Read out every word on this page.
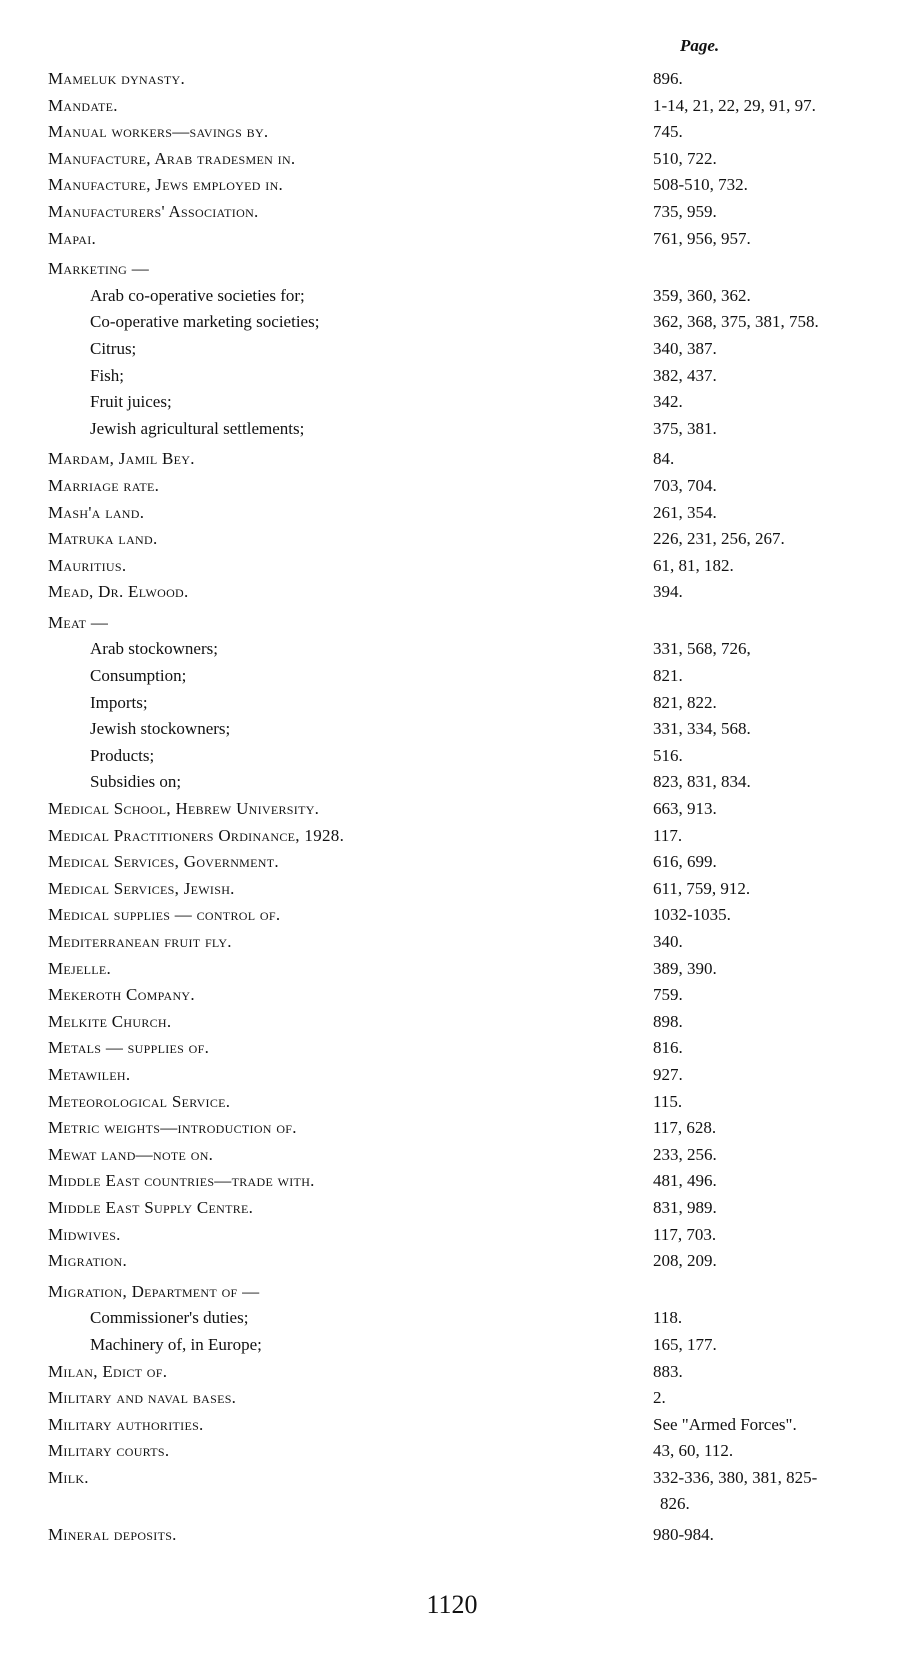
Page.
Mameluk dynasty.	896.
Mandate.	1-14, 21, 22, 29, 91, 97.
Manual workers—savings by.	745.
Manufacture, Arab tradesmen in.	510, 722.
Manufacture, Jews employed in.	508-510, 732.
Manufacturers' Association.	735, 959.
Mapai.	761, 956, 957.
Marketing —
Arab co-operative societies for;	359, 360, 362.
Co-operative marketing societies;	362, 368, 375, 381, 758.
Citrus;	340, 387.
Fish;	382, 437.
Fruit juices;	342.
Jewish agricultural settlements;	375, 381.
Mardam, Jamil Bey.	84.
Marriage rate.	703, 704.
Mash'a land.	261, 354.
Matruka land.	226, 231, 256, 267.
Mauritius.	61, 81, 182.
Mead, Dr. Elwood.	394.
Meat —
Arab stockowners;	331, 568, 726,
Consumption;	821.
Imports;	821, 822.
Jewish stockowners;	331, 334, 568.
Products;	516.
Subsidies on;	823, 831, 834.
Medical School, Hebrew University.	663, 913.
Medical Practitioners Ordinance, 1928.	117.
Medical Services, Government.	616, 699.
Medical Services, Jewish.	611, 759, 912.
Medical supplies — control of.	1032-1035.
Mediterranean fruit fly.	340.
Mejelle.	389, 390.
Mekeroth Company.	759.
Melkite Church.	898.
Metals — supplies of.	816.
Metawileh.	927.
Meteorological Service.	115.
Metric weights—introduction of.	117, 628.
Mewat land—note on.	233, 256.
Middle East countries—trade with.	481, 496.
Middle East Supply Centre.	831, 989.
Midwives.	117, 703.
Migration.	208, 209.
Migration, Department of —
Commissioner's duties;	118.
Machinery of, in Europe;	165, 177.
Milan, Edict of.	883.
Military and naval bases.	2.
Military authorities.	See "Armed Forces".
Military courts.	43, 60, 112.
Milk.	332-336, 380, 381, 825-
826.
Mineral deposits.	980-984.
1120
